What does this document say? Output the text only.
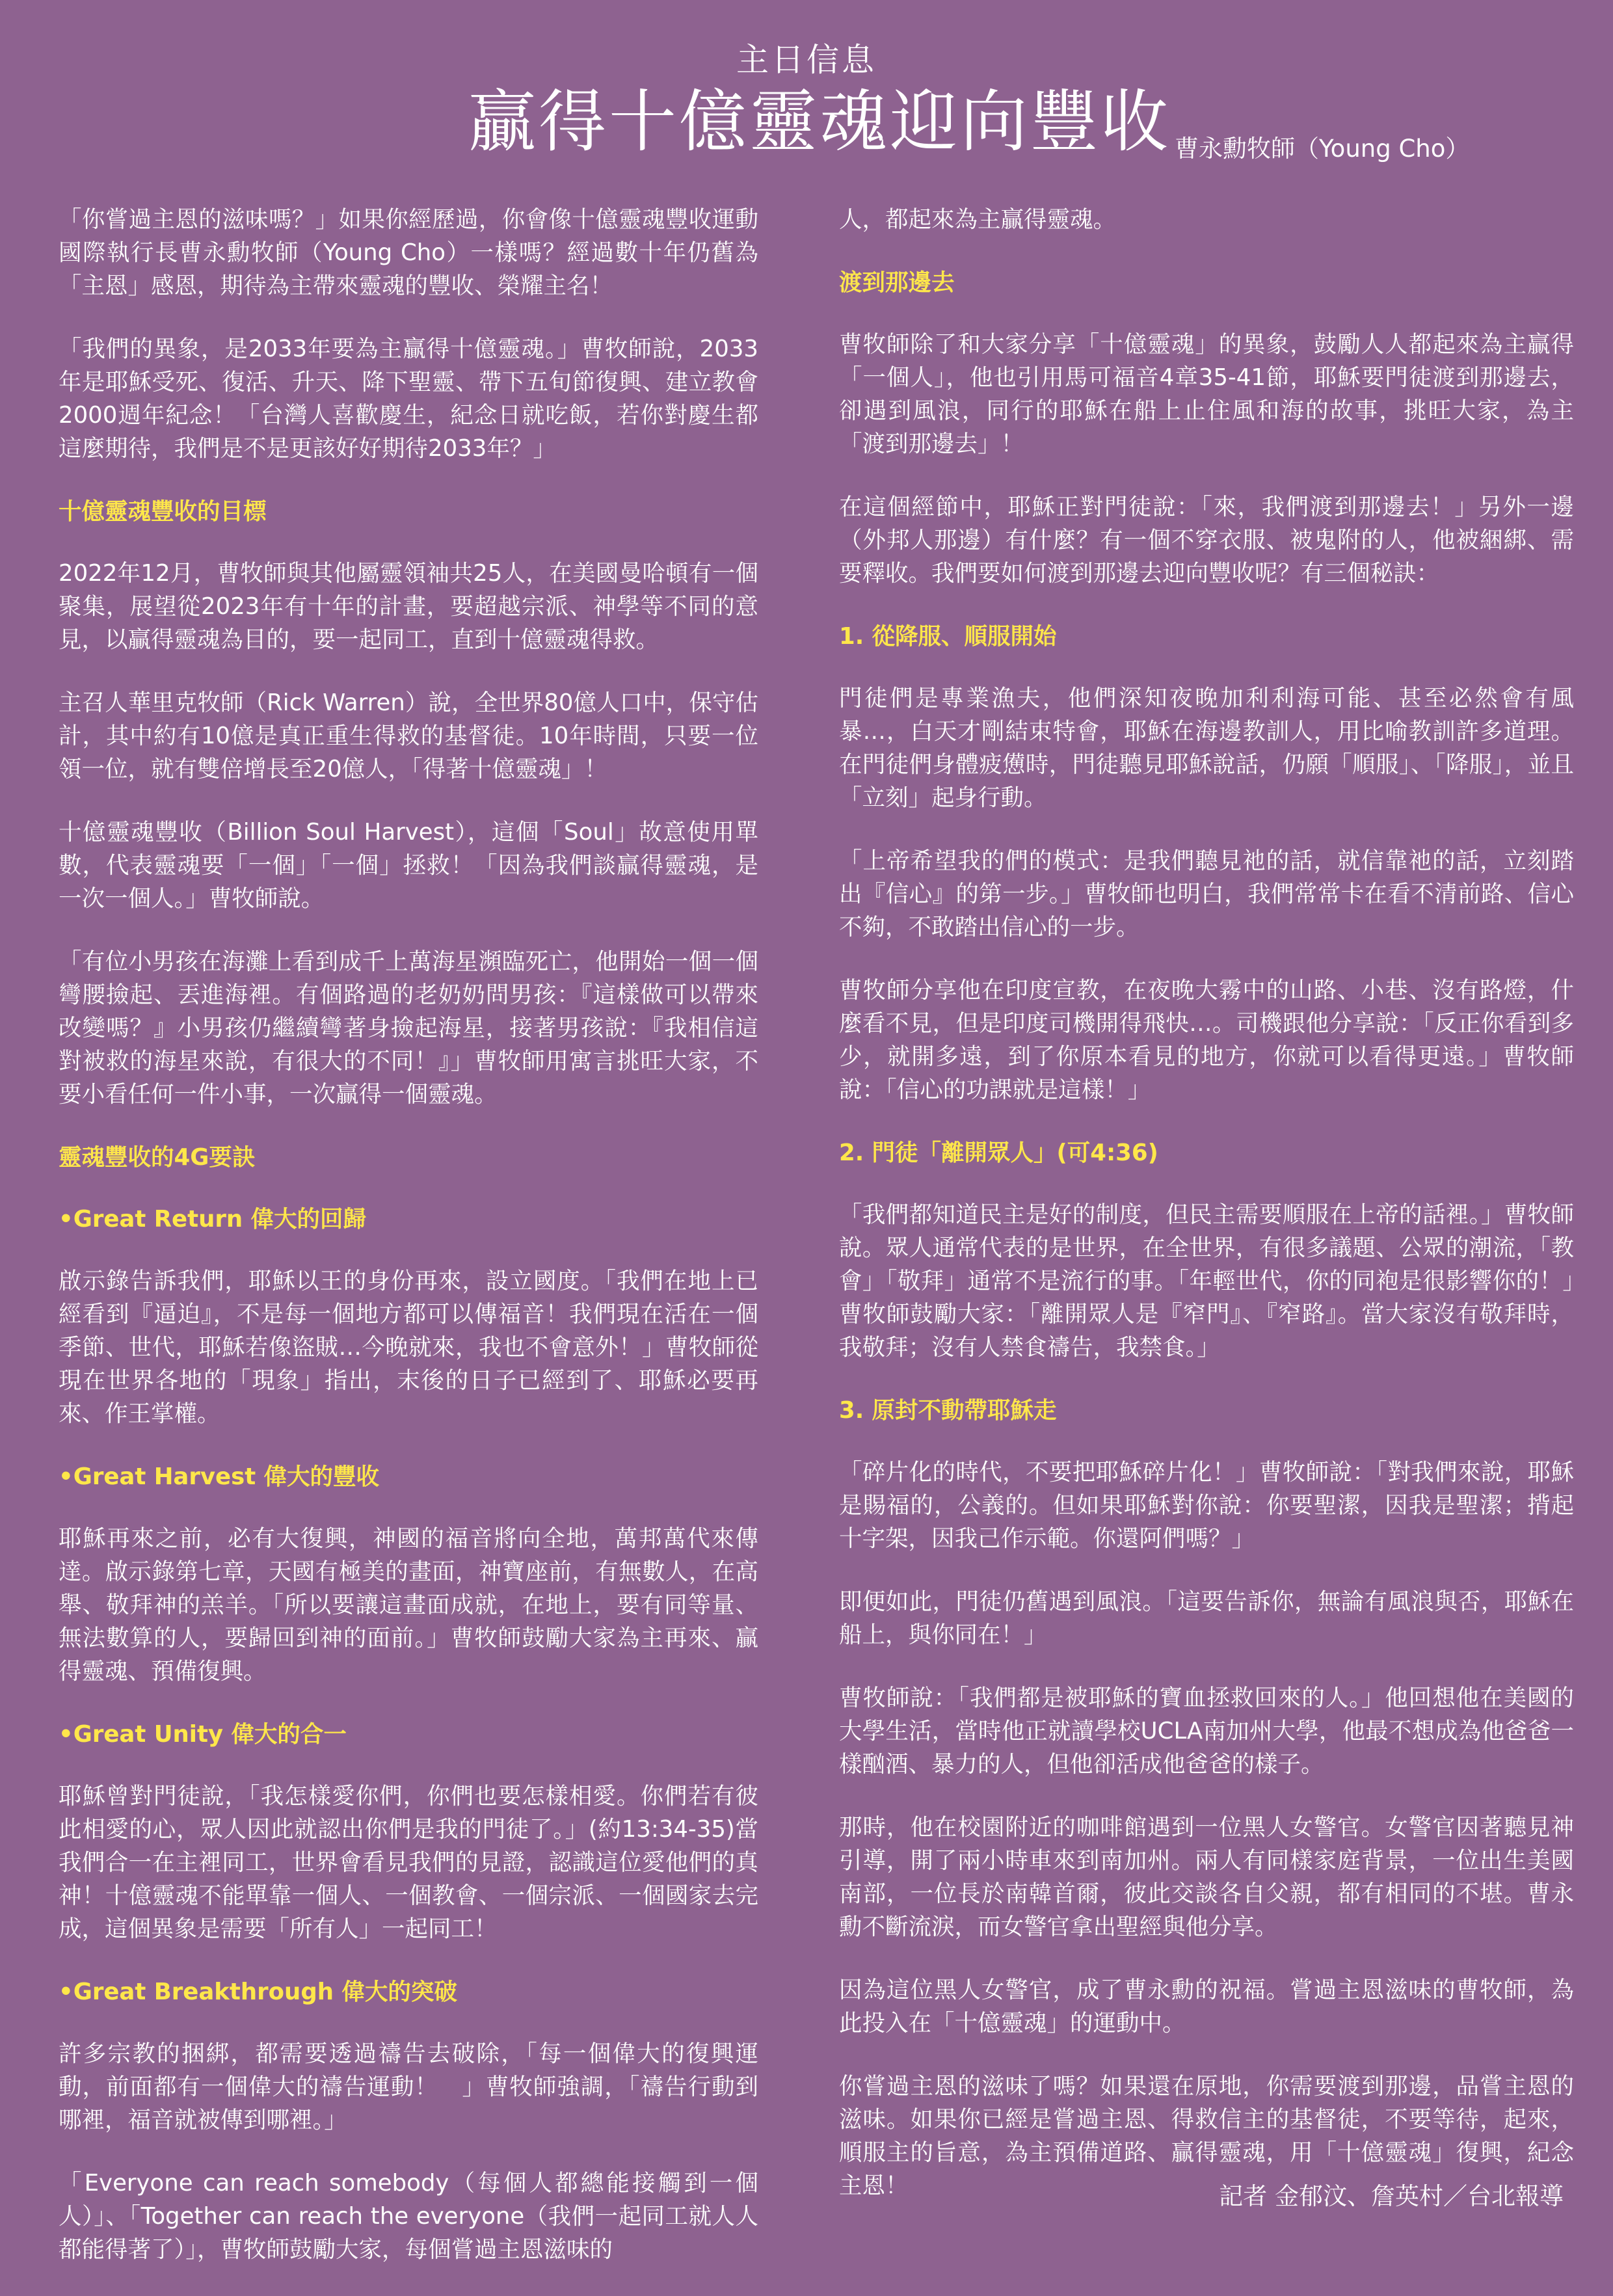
主日信息
贏得十億靈魂迎向豐收 曹永勳牧師（Young Cho）

「你嘗過主恩的滋味嗎？」如果你經歷過，你會像十億靈魂豐收運動國際執行長曹永勳牧師（Young Cho）一樣嗎？經過數十年仍舊為「主恩」感恩，期待為主帶來靈魂的豐收、榮耀主名！

「我們的異象，是2033年要為主贏得十億靈魂。」曹牧師說，2033年是耶穌受死、復活、升天、降下聖靈、帶下五旬節復興、建立教會2000週年紀念！「台灣人喜歡慶生，紀念日就吃飯，若你對慶生都這麼期待，我們是不是更該好好期待2033年？」

十億靈魂豐收的目標

2022年12月，曹牧師與其他屬靈領袖共25人，在美國曼哈頓有一個聚集，展望從2023年有十年的計畫，要超越宗派、神學等不同的意見，以贏得靈魂為目的，要一起同工，直到十億靈魂得救。

主召人華里克牧師（Rick Warren）說，全世界80億人口中，保守估計，其中約有10億是真正重生得救的基督徒。10年時間，只要一位領一位，就有雙倍增長至20億人，「得著十億靈魂」！

十億靈魂豐收（Billion Soul Harvest），這個「Soul」故意使用單數，代表靈魂要「一個」「一個」拯救！「因為我們談贏得靈魂，是一次一個人。」曹牧師說。

「有位小男孩在海灘上看到成千上萬海星瀕臨死亡，他開始一個一個彎腰撿起、丟進海裡。有個路過的老奶奶問男孩：『這樣做可以帶來改變嗎？』小男孩仍繼續彎著身撿起海星，接著男孩說：『我相信這對被救的海星來說，有很大的不同！』」曹牧師用寓言挑旺大家，不要小看任何一件小事，一次贏得一個靈魂。

靈魂豐收的4G要訣
•Great Return 偉大的回歸

啟示錄告訴我們，耶穌以王的身份再來，設立國度。「我們在地上已經看到『逼迫』，不是每一個地方都可以傳福音！我們現在活在一個季節、世代，耶穌若像盜賊…今晚就來，我也不會意外！」曹牧師從現在世界各地的「現象」指出，末後的日子已經到了、耶穌必要再來、作王掌權。

•Great Harvest 偉大的豐收

耶穌再來之前，必有大復興，神國的福音將向全地，萬邦萬代來傳達。啟示錄第七章，天國有極美的畫面，神寶座前，有無數人，在高舉、敬拜神的羔羊。「所以要讓這畫面成就，在地上，要有同等量、無法數算的人，要歸回到神的面前。」曹牧師鼓勵大家為主再來、贏得靈魂、預備復興。

•Great Unity 偉大的合一

耶穌曾對門徒說，「我怎樣愛你們，你們也要怎樣相愛。你們若有彼此相愛的心，眾人因此就認出你們是我的門徒了。」(約13:34-35)當我們合一在主裡同工，世界會看見我們的見證，認識這位愛他們的真神！十億靈魂不能單靠一個人、一個教會、一個宗派、一個國家去完成，這個異象是需要「所有人」一起同工！

•Great Breakthrough 偉大的突破

許多宗教的捆綁，都需要透過禱告去破除，「每一個偉大的復興運動，前面都有一個偉大的禱告運動！　」曹牧師強調，「禱告行動到哪裡，福音就被傳到哪裡。」

「Everyone can reach somebody（每個人都總能接觸到一個人）」、「Together can reach the everyone（我們一起同工就人人都能得著了）」，曹牧師鼓勵大家，每個嘗過主恩滋味的

人，都起來為主贏得靈魂。

渡到那邊去

曹牧師除了和大家分享「十億靈魂」的異象，鼓勵人人都起來為主贏得「一個人」，他也引用馬可福音4章35-41節，耶穌要門徒渡到那邊去，卻遇到風浪，同行的耶穌在船上止住風和海的故事，挑旺大家，為主「渡到那邊去」！

在這個經節中，耶穌正對門徒說：「來，我們渡到那邊去！」另外一邊（外邦人那邊）有什麼？有一個不穿衣服、被鬼附的人，他被綑綁、需要釋收。我們要如何渡到那邊去迎向豐收呢？有三個秘訣：

1. 從降服、順服開始

門徒們是專業漁夫，他們深知夜晚加利利海可能、甚至必然會有風暴…，白天才剛結束特會，耶穌在海邊教訓人，用比喻教訓許多道理。在門徒們身體疲憊時，門徒聽見耶穌說話，仍願「順服」、「降服」，並且「立刻」起身行動。

「上帝希望我的們的模式：是我們聽見祂的話，就信靠祂的話，立刻踏出『信心』的第一步。」曹牧師也明白，我們常常卡在看不清前路、信心不夠，不敢踏出信心的一步。

曹牧師分享他在印度宣教，在夜晚大霧中的山路、小巷、沒有路燈，什麼看不見，但是印度司機開得飛快…。司機跟他分享說：「反正你看到多少，就開多遠，到了你原本看見的地方，你就可以看得更遠。」曹牧師說：「信心的功課就是這樣！」

2. 門徒「離開眾人」(可4:36)

「我們都知道民主是好的制度，但民主需要順服在上帝的話裡。」曹牧師說。眾人通常代表的是世界，在全世界，有很多議題、公眾的潮流，「教會」「敬拜」通常不是流行的事。「年輕世代，你的同袍是很影響你的！」曹牧師鼓勵大家：「離開眾人是『窄門』、『窄路』。當大家沒有敬拜時，我敬拜；沒有人禁食禱告，我禁食。」

3. 原封不動帶耶穌走

「碎片化的時代，不要把耶穌碎片化！」曹牧師說：「對我們來說，耶穌是賜福的，公義的。但如果耶穌對你說：你要聖潔，因我是聖潔；揹起十字架，因我己作示範。你還阿們嗎？」

即便如此，門徒仍舊遇到風浪。「這要告訴你，無論有風浪與否，耶穌在船上，與你同在！」

曹牧師說：「我們都是被耶穌的寶血拯救回來的人。」他回想他在美國的大學生活，當時他正就讀學校UCLA南加州大學，他最不想成為他爸爸一樣酗酒、暴力的人，但他卻活成他爸爸的樣子。

那時，他在校園附近的咖啡館遇到一位黑人女警官。女警官因著聽見神引導，開了兩小時車來到南加州。兩人有同樣家庭背景，一位出生美國南部，一位長於南韓首爾，彼此交談各自父親，都有相同的不堪。曹永勳不斷流淚，而女警官拿出聖經與他分享。

因為這位黑人女警官，成了曹永勳的祝福。嘗過主恩滋味的曹牧師，為此投入在「十億靈魂」的運動中。

你嘗過主恩的滋味了嗎？如果還在原地，你需要渡到那邊，品嘗主恩的滋味。如果你已經是嘗過主恩、得救信主的基督徒，不要等待，起來，順服主的旨意，為主預備道路、贏得靈魂，用「十億靈魂」復興，紀念主恩！	記者 金郁汶、詹英村／台北報導
